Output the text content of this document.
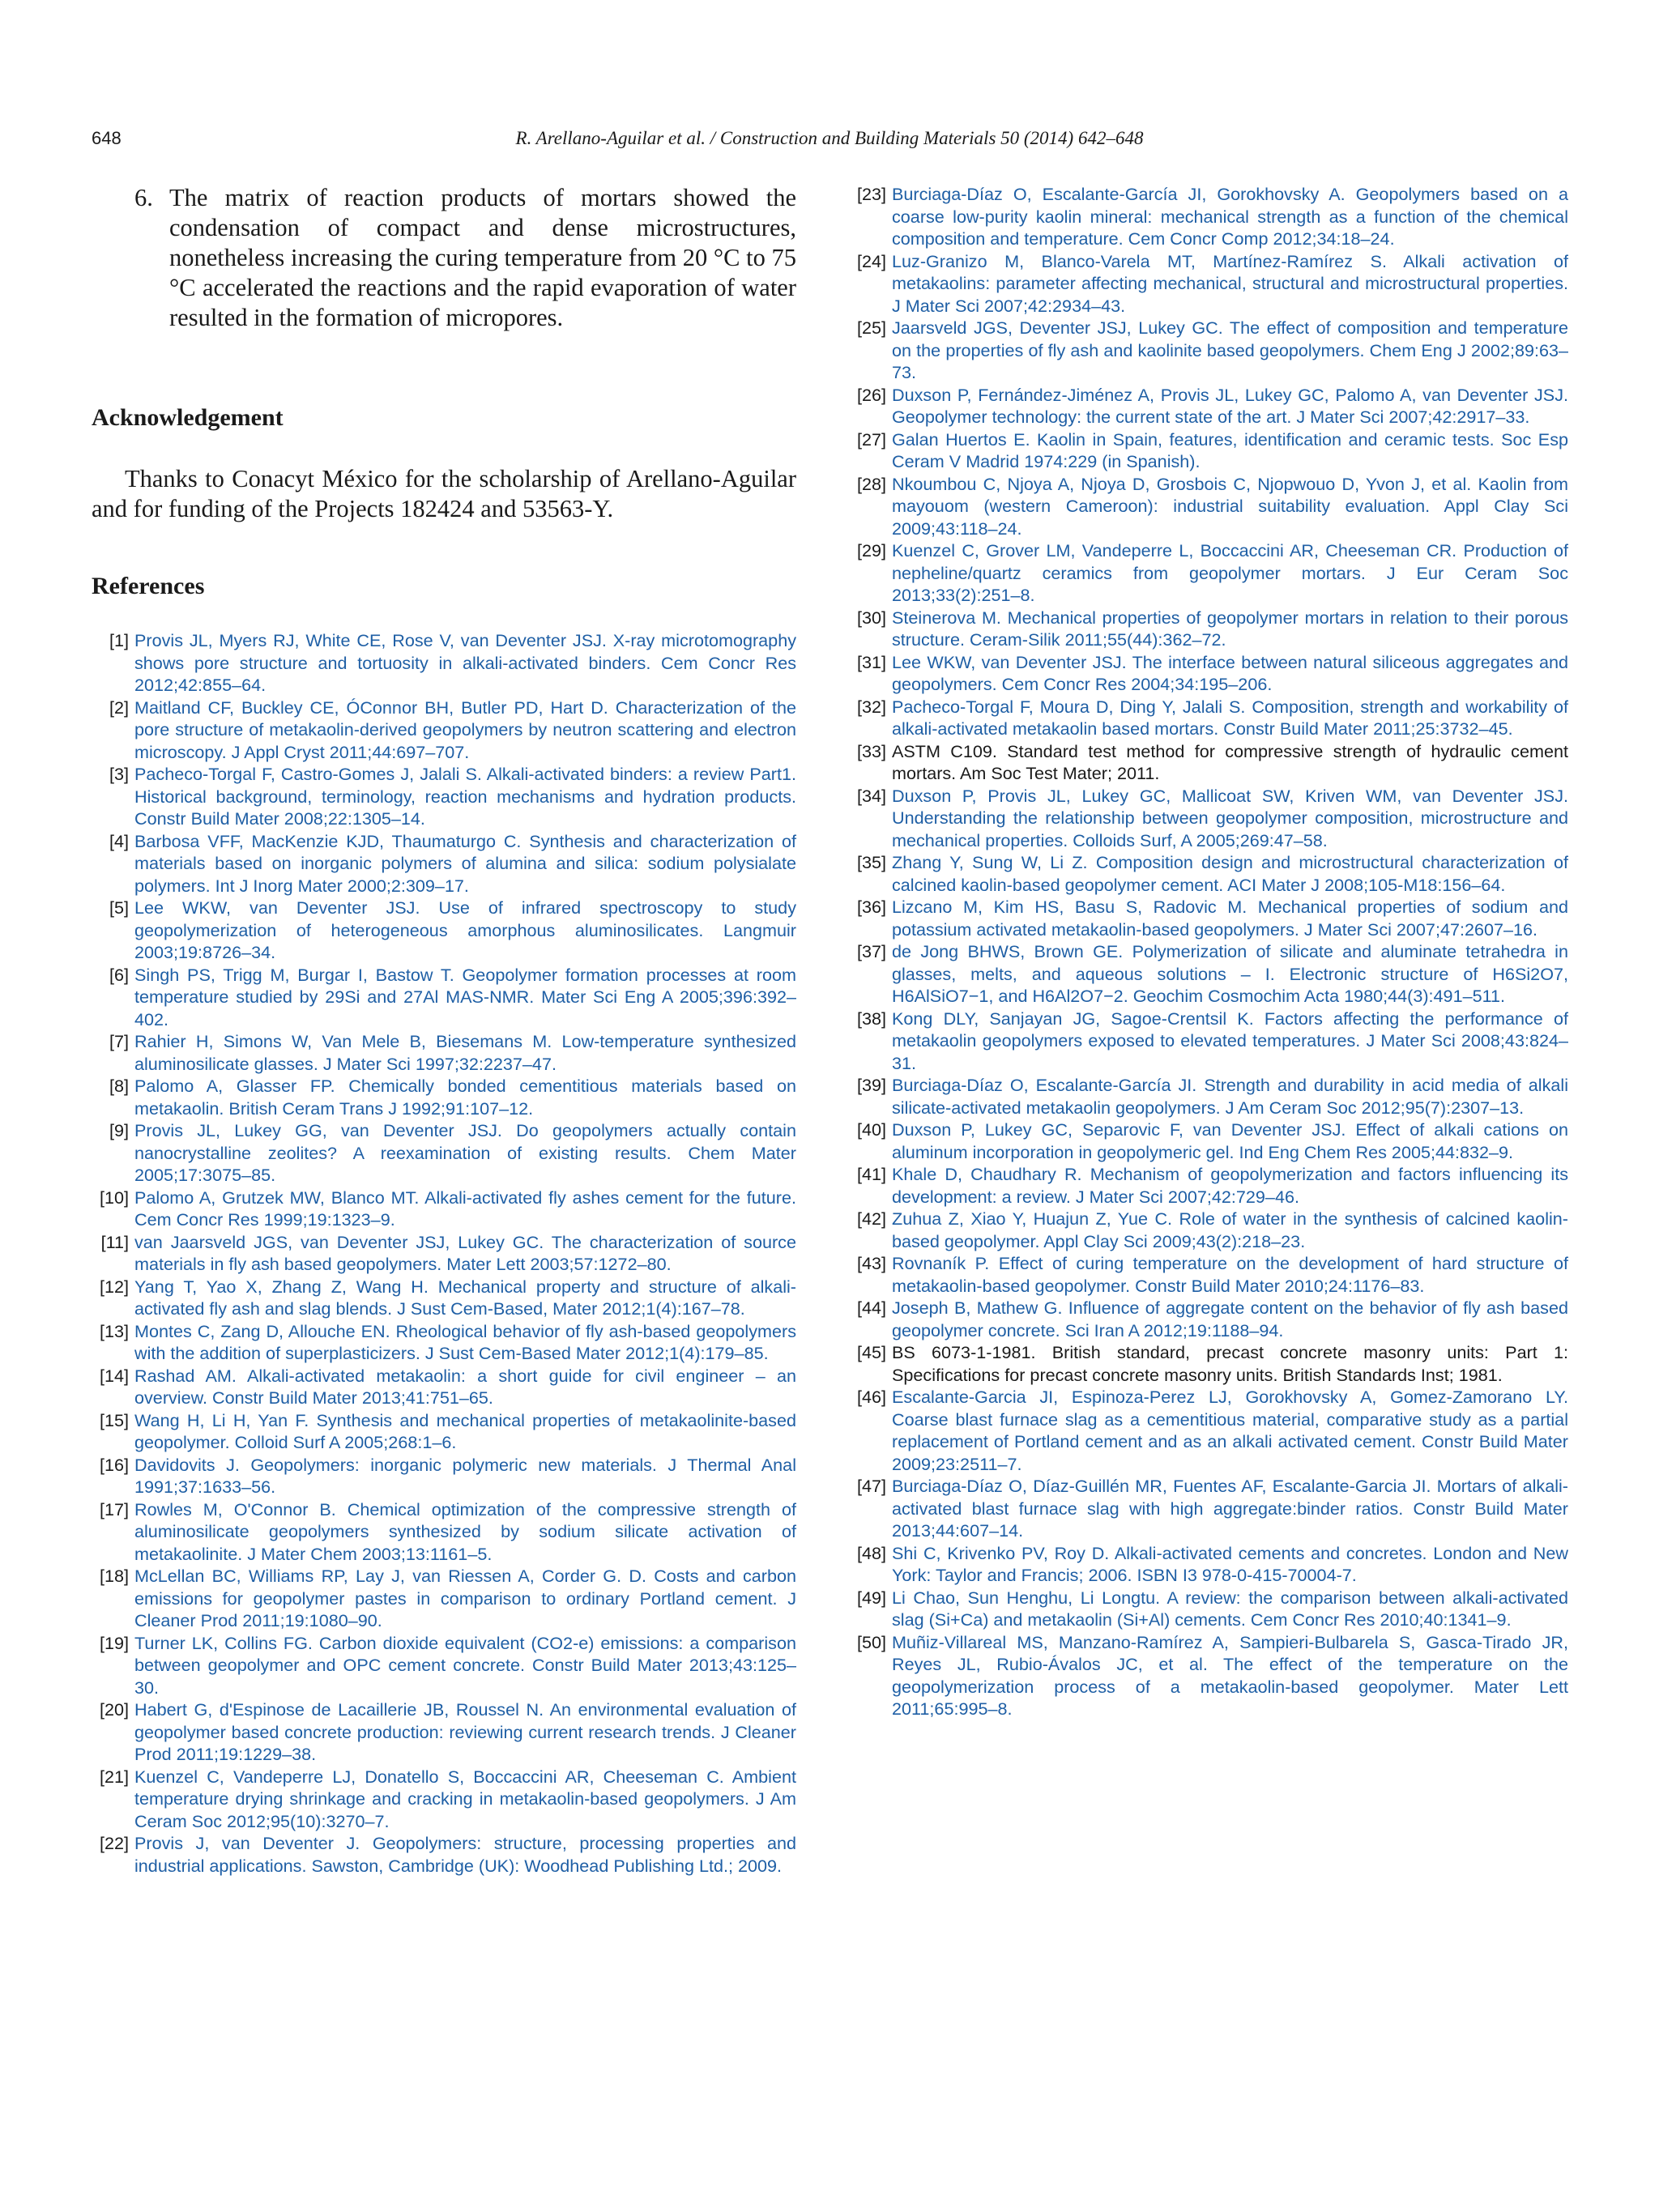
648	R. Arellano-Aguilar et al. / Construction and Building Materials 50 (2014) 642–648
6. The matrix of reaction products of mortars showed the condensation of compact and dense microstructures, nonetheless increasing the curing temperature from 20 °C to 75 °C accelerated the reactions and the rapid evaporation of water resulted in the formation of micropores.
Acknowledgement

Thanks to Conacyt México for the scholarship of Arellano-Aguilar and for funding of the Projects 182424 and 53563-Y.

References
[1] Provis JL, Myers RJ, White CE, Rose V, van Deventer JSJ. X-ray microtomography shows pore structure and tortuosity in alkali-activated binders. Cem Concr Res 2012;42:855–64.
[2] Maitland CF, Buckley CE, ÓConnor BH, Butler PD, Hart D. Characterization of the pore structure of metakaolin-derived geopolymers by neutron scattering and electron microscopy. J Appl Cryst 2011;44:697–707.
[3] Pacheco-Torgal F, Castro-Gomes J, Jalali S. Alkali-activated binders: a review Part1. Historical background, terminology, reaction mechanisms and hydration products. Constr Build Mater 2008;22:1305–14.
[4] Barbosa VFF, MacKenzie KJD, Thaumaturgo C. Synthesis and characterization of materials based on inorganic polymers of alumina and silica: sodium polysialate polymers. Int J Inorg Mater 2000;2:309–17.
[5] Lee WKW, van Deventer JSJ. Use of infrared spectroscopy to study geopolymerization of heterogeneous amorphous aluminosilicates. Langmuir 2003;19:8726–34.
[6] Singh PS, Trigg M, Burgar I, Bastow T. Geopolymer formation processes at room temperature studied by 29Si and 27Al MAS-NMR. Mater Sci Eng A 2005;396:392–402.
[7] Rahier H, Simons W, Van Mele B, Biesemans M. Low-temperature synthesized aluminosilicate glasses. J Mater Sci 1997;32:2237–47.
[8] Palomo A, Glasser FP. Chemically bonded cementitious materials based on metakaolin. British Ceram Trans J 1992;91:107–12.
[9] Provis JL, Lukey GG, van Deventer JSJ. Do geopolymers actually contain nanocrystalline zeolites? A reexamination of existing results. Chem Mater 2005;17:3075–85.
[10] Palomo A, Grutzek MW, Blanco MT. Alkali-activated fly ashes cement for the future. Cem Concr Res 1999;19:1323–9.
[11] van Jaarsveld JGS, van Deventer JSJ, Lukey GC. The characterization of source materials in fly ash based geopolymers. Mater Lett 2003;57:1272–80.
[12] Yang T, Yao X, Zhang Z, Wang H. Mechanical property and structure of alkali-activated fly ash and slag blends. J Sust Cem-Based, Mater 2012;1(4):167–78.
[13] Montes C, Zang D, Allouche EN. Rheological behavior of fly ash-based geopolymers with the addition of superplasticizers. J Sust Cem-Based Mater 2012;1(4):179–85.
[14] Rashad AM. Alkali-activated metakaolin: a short guide for civil engineer – an overview. Constr Build Mater 2013;41:751–65.
[15] Wang H, Li H, Yan F. Synthesis and mechanical properties of metakaolinite-based geopolymer. Colloid Surf A 2005;268:1–6.
[16] Davidovits J. Geopolymers: inorganic polymeric new materials. J Thermal Anal 1991;37:1633–56.
[17] Rowles M, O'Connor B. Chemical optimization of the compressive strength of aluminosilicate geopolymers synthesized by sodium silicate activation of metakaolinite. J Mater Chem 2003;13:1161–5.
[18] McLellan BC, Williams RP, Lay J, van Riessen A, Corder G. D. Costs and carbon emissions for geopolymer pastes in comparison to ordinary Portland cement. J Cleaner Prod 2011;19:1080–90.
[19] Turner LK, Collins FG. Carbon dioxide equivalent (CO2-e) emissions: a comparison between geopolymer and OPC cement concrete. Constr Build Mater 2013;43:125–30.
[20] Habert G, d'Espinose de Lacaillerie JB, Roussel N. An environmental evaluation of geopolymer based concrete production: reviewing current research trends. J Cleaner Prod 2011;19:1229–38.
[21] Kuenzel C, Vandeperre LJ, Donatello S, Boccaccini AR, Cheeseman C. Ambient temperature drying shrinkage and cracking in metakaolin-based geopolymers. J Am Ceram Soc 2012;95(10):3270–7.
[22] Provis J, van Deventer J. Geopolymers: structure, processing properties and industrial applications. Sawston, Cambridge (UK): Woodhead Publishing Ltd.; 2009.
[23] Burciaga-Díaz O, Escalante-García JI, Gorokhovsky A. Geopolymers based on a coarse low-purity kaolin mineral: mechanical strength as a function of the chemical composition and temperature. Cem Concr Comp 2012;34:18–24.
[24] Luz-Granizo M, Blanco-Varela MT, Martínez-Ramírez S. Alkali activation of metakaolins: parameter affecting mechanical, structural and microstructural properties. J Mater Sci 2007;42:2934–43.
[25] Jaarsveld JGS, Deventer JSJ, Lukey GC. The effect of composition and temperature on the properties of fly ash and kaolinite based geopolymers. Chem Eng J 2002;89:63–73.
[26] Duxson P, Fernández-Jiménez A, Provis JL, Lukey GC, Palomo A, van Deventer JSJ. Geopolymer technology: the current state of the art. J Mater Sci 2007;42:2917–33.
[27] Galan Huertos E. Kaolin in Spain, features, identification and ceramic tests. Soc Esp Ceram V Madrid 1974:229 (in Spanish).
[28] Nkoumbou C, Njoya A, Njoya D, Grosbois C, Njopwouo D, Yvon J, et al. Kaolin from mayouom (western Cameroon): industrial suitability evaluation. Appl Clay Sci 2009;43:118–24.
[29] Kuenzel C, Grover LM, Vandeperre L, Boccaccini AR, Cheeseman CR. Production of nepheline/quartz ceramics from geopolymer mortars. J Eur Ceram Soc 2013;33(2):251–8.
[30] Steinerova M. Mechanical properties of geopolymer mortars in relation to their porous structure. Ceram-Silik 2011;55(44):362–72.
[31] Lee WKW, van Deventer JSJ. The interface between natural siliceous aggregates and geopolymers. Cem Concr Res 2004;34:195–206.
[32] Pacheco-Torgal F, Moura D, Ding Y, Jalali S. Composition, strength and workability of alkali-activated metakaolin based mortars. Constr Build Mater 2011;25:3732–45.
[33] ASTM C109. Standard test method for compressive strength of hydraulic cement mortars. Am Soc Test Mater; 2011.
[34] Duxson P, Provis JL, Lukey GC, Mallicoat SW, Kriven WM, van Deventer JSJ. Understanding the relationship between geopolymer composition, microstructure and mechanical properties. Colloids Surf, A 2005;269:47–58.
[35] Zhang Y, Sung W, Li Z. Composition design and microstructural characterization of calcined kaolin-based geopolymer cement. ACI Mater J 2008;105-M18:156–64.
[36] Lizcano M, Kim HS, Basu S, Radovic M. Mechanical properties of sodium and potassium activated metakaolin-based geopolymers. J Mater Sci 2007;47:2607–16.
[37] de Jong BHWS, Brown GE. Polymerization of silicate and aluminate tetrahedra in glasses, melts, and aqueous solutions – I. Electronic structure of H6Si2O7, H6AlSiO7−1, and H6Al2O7−2. Geochim Cosmochim Acta 1980;44(3):491–511.
[38] Kong DLY, Sanjayan JG, Sagoe-Crentsil K. Factors affecting the performance of metakaolin geopolymers exposed to elevated temperatures. J Mater Sci 2008;43:824–31.
[39] Burciaga-Díaz O, Escalante-García JI. Strength and durability in acid media of alkali silicate-activated metakaolin geopolymers. J Am Ceram Soc 2012;95(7):2307–13.
[40] Duxson P, Lukey GC, Separovic F, van Deventer JSJ. Effect of alkali cations on aluminum incorporation in geopolymeric gel. Ind Eng Chem Res 2005;44:832–9.
[41] Khale D, Chaudhary R. Mechanism of geopolymerization and factors influencing its development: a review. J Mater Sci 2007;42:729–46.
[42] Zuhua Z, Xiao Y, Huajun Z, Yue C. Role of water in the synthesis of calcined kaolin-based geopolymer. Appl Clay Sci 2009;43(2):218–23.
[43] Rovnaník P. Effect of curing temperature on the development of hard structure of metakaolin-based geopolymer. Constr Build Mater 2010;24:1176–83.
[44] Joseph B, Mathew G. Influence of aggregate content on the behavior of fly ash based geopolymer concrete. Sci Iran A 2012;19:1188–94.
[45] BS 6073-1-1981. British standard, precast concrete masonry units: Part 1: Specifications for precast concrete masonry units. British Standards Inst; 1981.
[46] Escalante-Garcia JI, Espinoza-Perez LJ, Gorokhovsky A, Gomez-Zamorano LY. Coarse blast furnace slag as a cementitious material, comparative study as a partial replacement of Portland cement and as an alkali activated cement. Constr Build Mater 2009;23:2511–7.
[47] Burciaga-Díaz O, Díaz-Guillén MR, Fuentes AF, Escalante-Garcia JI. Mortars of alkali-activated blast furnace slag with high aggregate:binder ratios. Constr Build Mater 2013;44:607–14.
[48] Shi C, Krivenko PV, Roy D. Alkali-activated cements and concretes. London and New York: Taylor and Francis; 2006. ISBN I3 978-0-415-70004-7.
[49] Li Chao, Sun Henghu, Li Longtu. A review: the comparison between alkali-activated slag (Si+Ca) and metakaolin (Si+Al) cements. Cem Concr Res 2010;40:1341–9.
[50] Muñiz-Villareal MS, Manzano-Ramírez A, Sampieri-Bulbarela S, Gasca-Tirado JR, Reyes JL, Rubio-Ávalos JC, et al. The effect of the temperature on the geopolymerization process of a metakaolin-based geopolymer. Mater Lett 2011;65:995–8.
